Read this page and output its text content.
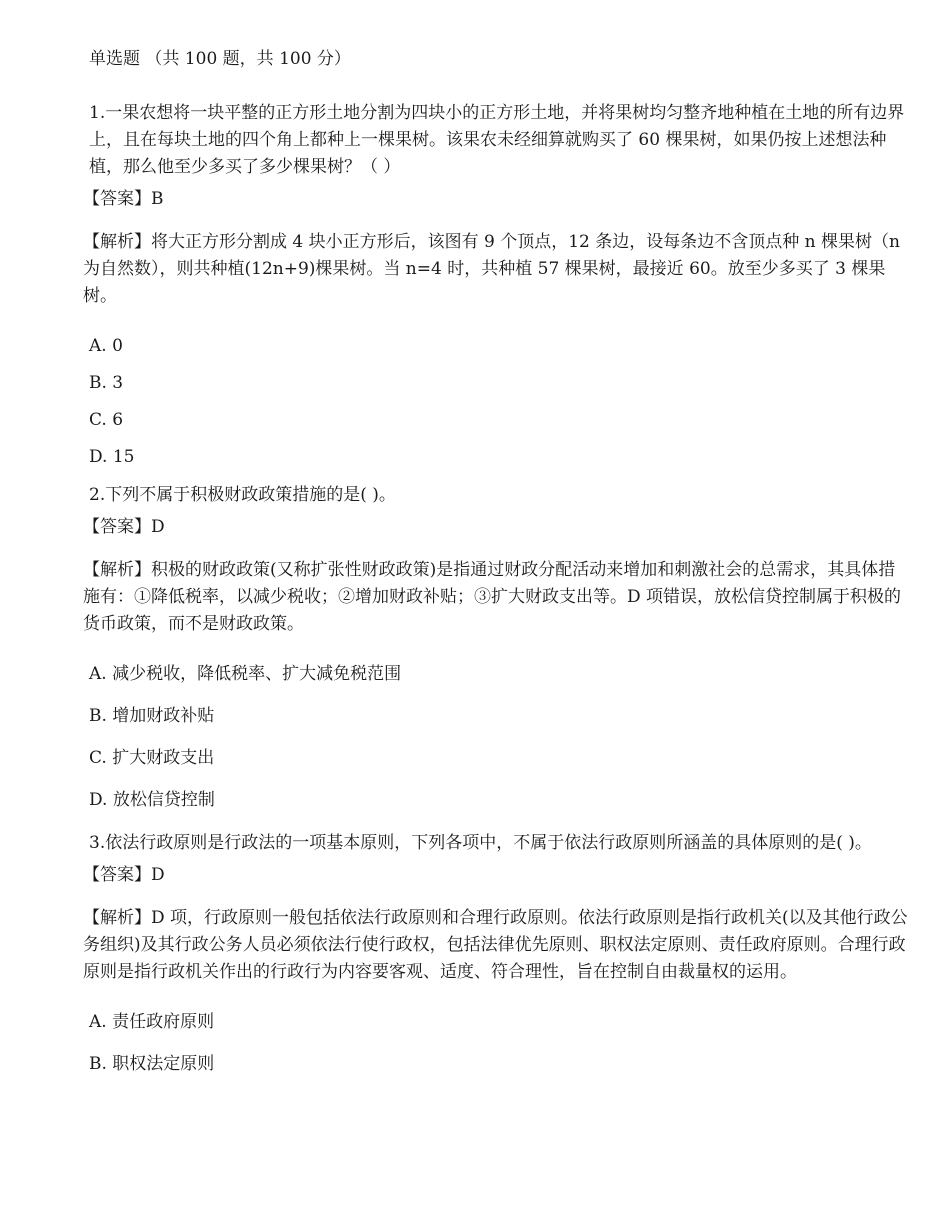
单选题 （共 100 题，共 100 分）
1.一果农想将一块平整的正方形土地分割为四块小的正方形土地，并将果树均匀整齐地种植在土地的所有边界上，且在每块土地的四个角上都种上一棵果树。该果农未经细算就购买了 60 棵果树，如果仍按上述想法种植，那么他至少多买了多少棵果树？（ ）
【答案】B
【解析】将大正方形分割成 4 块小正方形后，该图有 9 个顶点，12 条边，设每条边不含顶点种 n 棵果树（n 为自然数），则共种植(12n+9)棵果树。当 n=4 时，共种植 57 棵果树，最接近 60。放至少多买了 3 棵果树。
A. 0
B. 3
C. 6
D. 15
2.下列不属于积极财政政策措施的是( )。
【答案】D
【解析】积极的财政政策(又称扩张性财政政策)是指通过财政分配活动来增加和刺激社会的总需求，其具体措施有：①降低税率，以减少税收；②增加财政补贴；③扩大财政支出等。D 项错误，放松信贷控制属于积极的货币政策，而不是财政政策。
A. 减少税收，降低税率、扩大减免税范围
B. 增加财政补贴
C. 扩大财政支出
D. 放松信贷控制
3.依法行政原则是行政法的一项基本原则，下列各项中，不属于依法行政原则所涵盖的具体原则的是( )。
【答案】D
【解析】D 项，行政原则一般包括依法行政原则和合理行政原则。依法行政原则是指行政机关(以及其他行政公务组织)及其行政公务人员必须依法行使行政权，包括法律优先原则、职权法定原则、责任政府原则。合理行政原则是指行政机关作出的行政行为内容要客观、适度、符合理性，旨在控制自由裁量权的运用。
A. 责任政府原则
B. 职权法定原则
